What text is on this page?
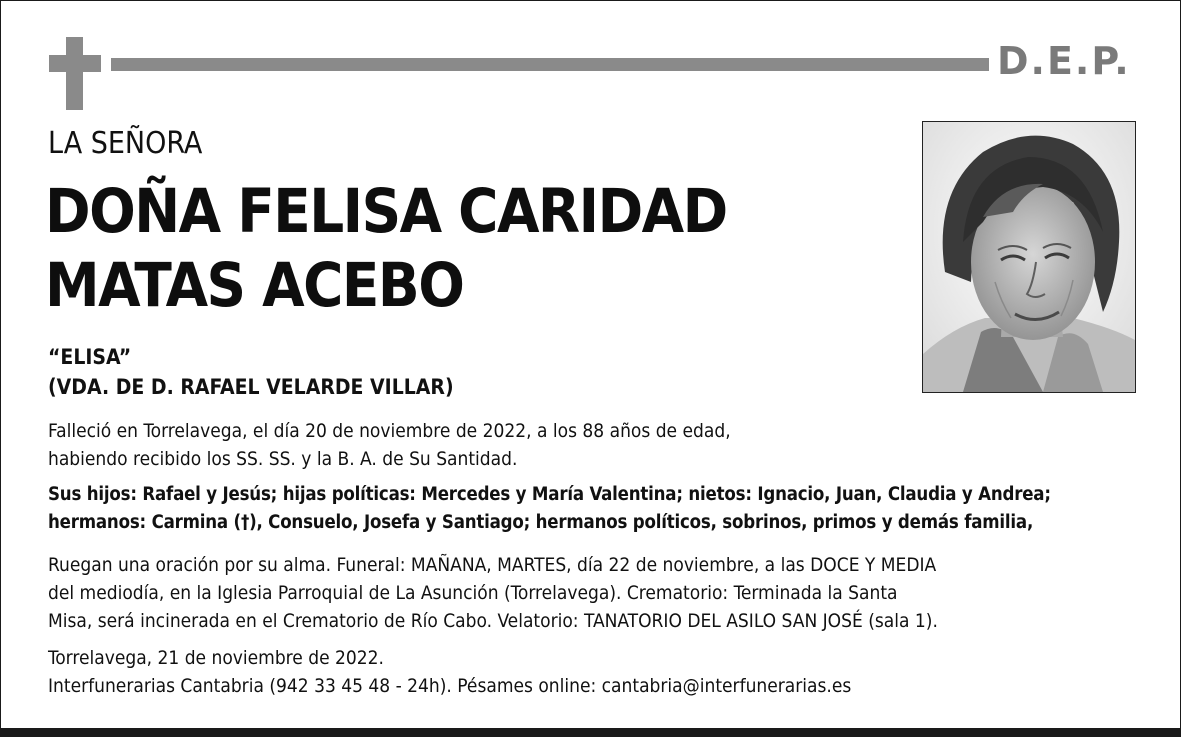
D.E.P.
LA SEÑORA
DOÑA FELISA CARIDAD
MATAS ACEBO
“ELISA”
(VDA. DE D. RAFAEL VELARDE VILLAR)

Falleció en Torrelavega, el día 20 de noviembre de 2022, a los 88 años de edad,
habiendo recibido los SS. SS. y la B. A. de Su Santidad.

Sus hijos: Rafael y Jesús; hijas políticas: Mercedes y María Valentina; nietos: Ignacio, Juan, Claudia y Andrea;
hermanos: Carmina (†), Consuelo, Josefa y Santiago; hermanos políticos, sobrinos, primos y demás familia,

Ruegan una oración por su alma. Funeral: MAÑANA, MARTES, día 22 de noviembre, a las DOCE Y MEDIA
del mediodía, en la Iglesia Parroquial de La Asunción (Torrelavega). Crematorio: Terminada la Santa
Misa, será incinerada en el Crematorio de Río Cabo. Velatorio: TANATORIO DEL ASILO SAN JOSÉ (sala 1).

Torrelavega, 21 de noviembre de 2022.
Interfunerarias Cantabria (942 33 45 48 - 24h). Pésames online: cantabria@interfunerarias.es
